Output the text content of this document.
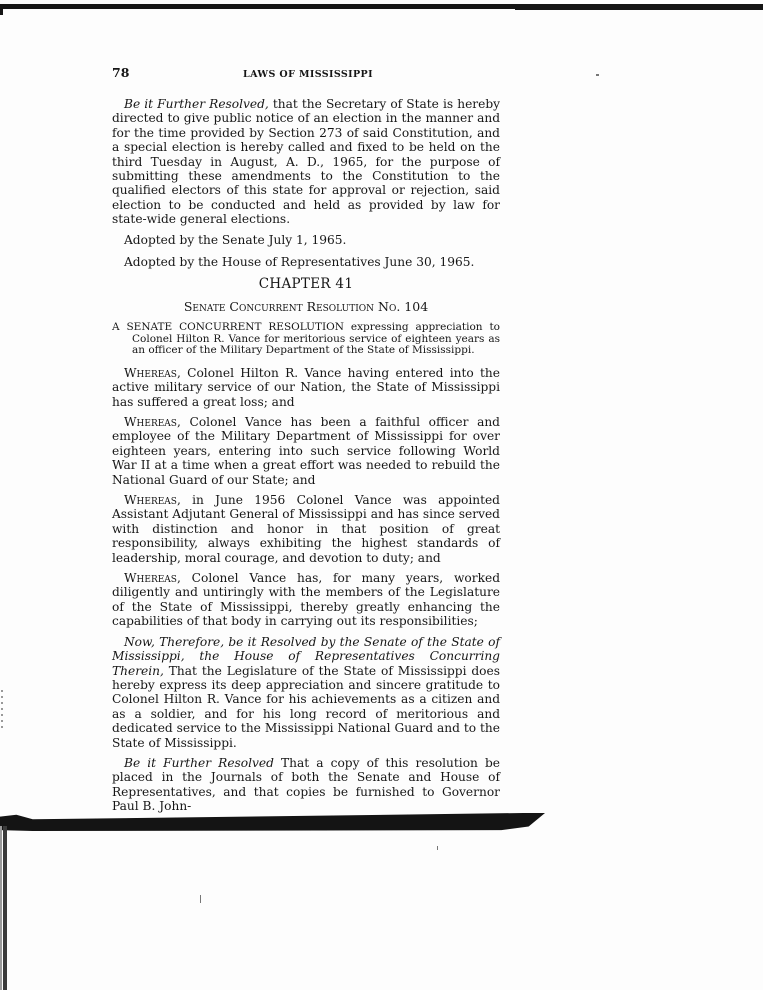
78	LAWS OF MISSISSIPPI

Be it Further Resolved, that the Secretary of State is hereby directed to give public notice of an election in the manner and for the time provided by Section 273 of said Constitution, and a special election is hereby called and fixed to be held on the third Tuesday in August, A. D., 1965, for the purpose of submitting these amendments to the Constitution to the qualified electors of this state for approval or rejection, said election to be conducted and held as provided by law for state-wide general elections.

Adopted by the Senate July 1, 1965.

Adopted by the House of Representatives June 30, 1965.

CHAPTER 41
Senate Concurrent Resolution No. 104
A SENATE CONCURRENT RESOLUTION expressing appreciation to Colonel Hilton R. Vance for meritorious service of eighteen years as an officer of the Military Department of the State of Mississippi.

Whereas, Colonel Hilton R. Vance having entered into the active military service of our Nation, the State of Mississippi has suffered a great loss; and

Whereas, Colonel Vance has been a faithful officer and employee of the Military Department of Mississippi for over eighteen years, entering into such service following World War II at a time when a great effort was needed to rebuild the National Guard of our State; and

Whereas, in June 1956 Colonel Vance was appointed Assistant Adjutant General of Mississippi and has since served with distinction and honor in that position of great responsibility, always exhibiting the highest standards of leadership, moral courage, and devotion to duty; and

Whereas, Colonel Vance has, for many years, worked diligently and untiringly with the members of the Legislature of the State of Mississippi, thereby greatly enhancing the capabilities of that body in carrying out its responsibilities;

Now, Therefore, be it Resolved by the Senate of the State of Mississippi, the House of Representatives Concurring Therein, That the Legislature of the State of Mississippi does hereby express its deep appreciation and sincere gratitude to Colonel Hilton R. Vance for his achievements as a citizen and as a soldier, and for his long record of meritorious and dedicated service to the Mississippi National Guard and to the State of Mississippi.

Be it Further Resolved That a copy of this resolution be placed in the Journals of both the Senate and House of Representatives, and that copies be furnished to Governor Paul B. John-
